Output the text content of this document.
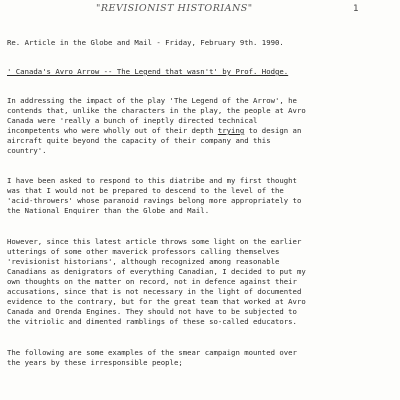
"REVISIONIST HISTORIANS"	1
Re. Article in the Globe and Mail - Friday, February 9th. 1990.
' Canada's Avro Arrow -- The Legend that wasn't' by Prof. Hodge.
In addressing the impact of the play 'The Legend of the Arrow', he
contends that, unlike the characters in the play, the people at Avro
Canada were 'really a bunch of ineptly directed technical
incompetents who were wholly out of their depth trying to design an
aircraft quite beyond the capacity of their company and this
country'.
I have been asked to respond to this diatribe and my first thought
was that I would not be prepared to descend to the level of the
'acid-throwers' whose paranoid ravings belong more appropriately to
the National Enquirer than the Globe and Mail.
However, since this latest article throws some light on the earlier
utterings of some other maverick professors calling themselves
'revisionist historians', although recognized among reasonable
Canadians as denigrators of everything Canadian, I decided to put my
own thoughts on the matter on record, not in defence against their
accusations, since that is not necessary in the light of documented
evidence to the contrary, but for the great team that worked at Avro
Canada and Orenda Engines. They should not have to be subjected to
the vitriolic and dimented ramblings of these so-called educators.
The following are some examples of the smear campaign mounted over
the years by these irresponsible people;
